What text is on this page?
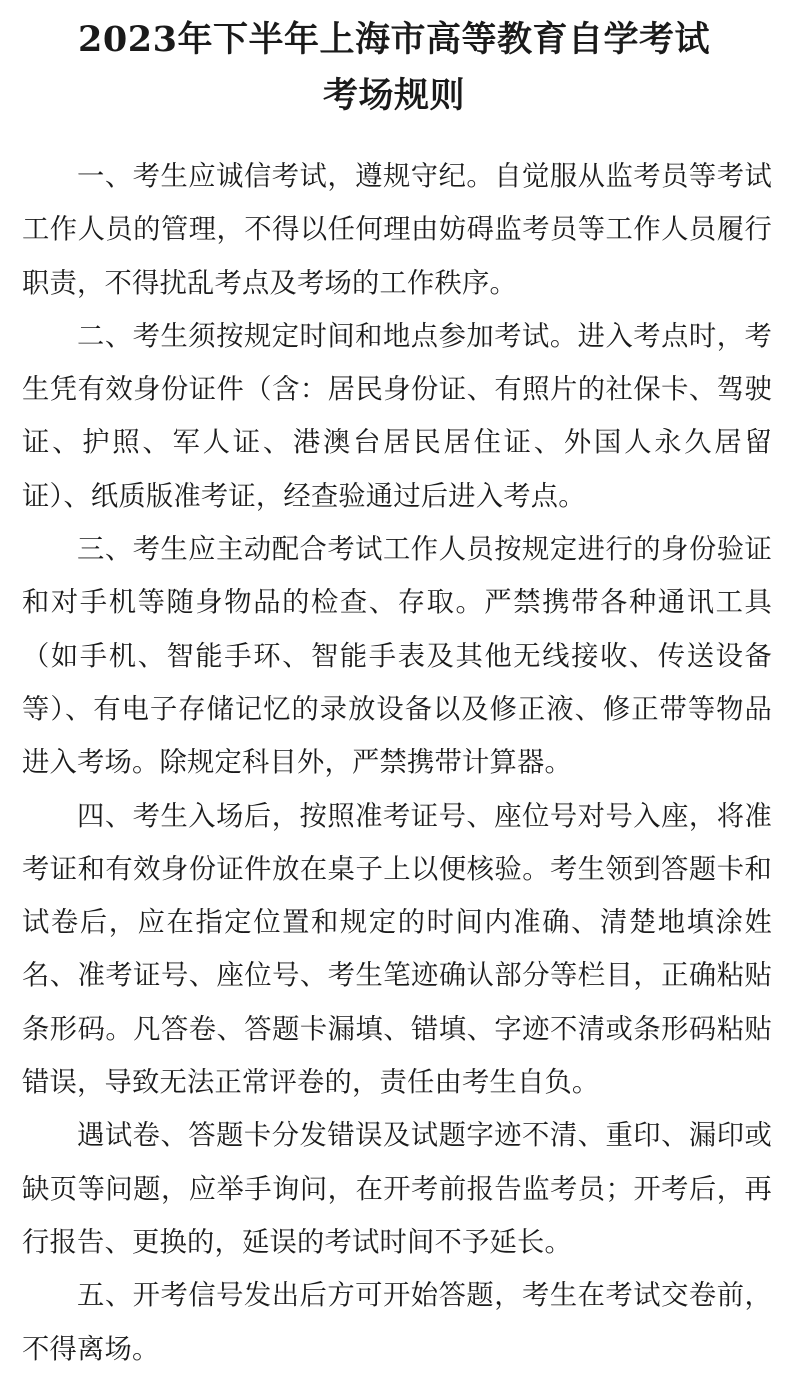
2023年下半年上海市高等教育自学考试
考场规则

一、考生应诚信考试，遵规守纪。自觉服从监考员等考试工作人员的管理，不得以任何理由妨碍监考员等工作人员履行职责，不得扰乱考点及考场的工作秩序。

二、考生须按规定时间和地点参加考试。进入考点时，考生凭有效身份证件（含：居民身份证、有照片的社保卡、驾驶证、护照、军人证、港澳台居民居住证、外国人永久居留证）、纸质版准考证，经查验通过后进入考点。

三、考生应主动配合考试工作人员按规定进行的身份验证和对手机等随身物品的检查、存取。严禁携带各种通讯工具（如手机、智能手环、智能手表及其他无线接收、传送设备等）、有电子存储记忆的录放设备以及修正液、修正带等物品进入考场。除规定科目外，严禁携带计算器。

四、考生入场后，按照准考证号、座位号对号入座，将准考证和有效身份证件放在桌子上以便核验。考生领到答题卡和试卷后，应在指定位置和规定的时间内准确、清楚地填涂姓名、准考证号、座位号、考生笔迹确认部分等栏目，正确粘贴条形码。凡答卷、答题卡漏填、错填、字迹不清或条形码粘贴错误，导致无法正常评卷的，责任由考生自负。

遇试卷、答题卡分发错误及试题字迹不清、重印、漏印或缺页等问题，应举手询问，在开考前报告监考员；开考后，再行报告、更换的，延误的考试时间不予延长。

五、开考信号发出后方可开始答题，考生在考试交卷前，不得离场。
